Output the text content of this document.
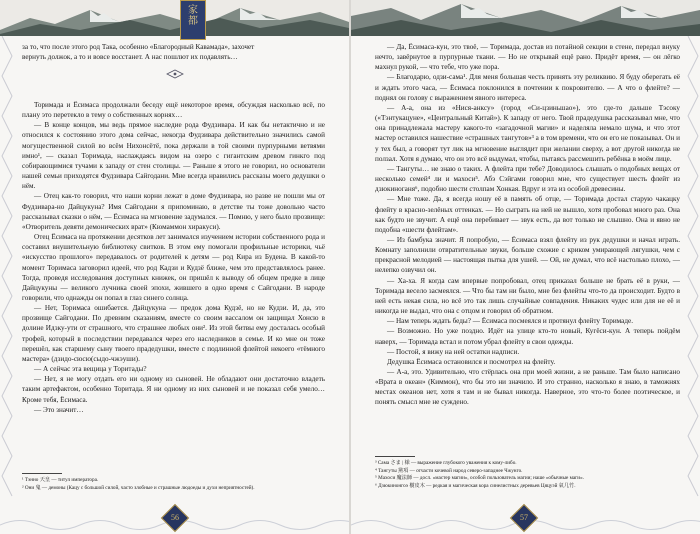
家
都

за то, что после этого род Така, особенно «Благородный Кавамада», захочет

вернуть должок, а то и вовсе восстанет. А нас пошлют их подавлять…

Торимада и Ёсимаса продолжали беседу ещё некоторое время, обсуждая насколько всё, по плану это перетекло в тему о собственных корнях…

— В конце концов, мы ведь прямое наследие рода Фудзивара. И как бы нетактично и не относился к состоянию этого дома сейчас, некогда Фудзивара действительно значились самой могущественной силой во всём Нихонсётё, пока держали в той своими пурпурными ветвями имно¹, — сказал Торимада, наслаждаясь видом на озеро с гигантским древом гинкго под собирающимися тучами к западу от стен столицы. — Раньше я этого не говорил, но основатели нашей семьи приходятся Фудзивара Сайгодани. Мне всегда нравились рассказы моего дедушки о нём.

— Отец как-то говорил, что наши корни лежат в доме Фудзивара, но разве не пошли мы от Фудзивара-но Дайцукуна? Имя Сайгодани я припоминаю, в детстве ты тоже довольно часто рассказывал сказки о нём, — Ёсимаса на мгновение задумался. — Помню, у него было прозвище: «Отворитель девяти демонических врат» (Кюмаммон хиракуси).

Отец Ёсимаса на протяжении десятков лет занимался изучением истории собственного рода и составил внушительную библиотеку свитков. В этом ему помогали профильные историки, чьё «искусство прошлого» передавалось от родителей к детям — род Кира из Будена. В какой-то момент Торимаса заговорил идеей, что род Кадзи и Кудзё ближе, чем это представлялось ранее. Тогда, проведя исследования доступных книжек, он пришёл к выводу об общем предке в лице Дайцукуны — великого лучника своей эпохи, жившего в одно время с Сайгодани. В народе говорили, что однажды он попал в глаз синего солнца.

— Нет, Торимаса ошибается. Дайцукуна — предок дома Кудзё, но не Кудзи. И, да, это прозвище Сайгодани. По древним сказаниям, вместе со своим вассалом он защищал Хонсю в долине Идзку-ути от страшного, что страшнее любых они². Из этой битвы ему досталась особый трофей, который в последствии передавался через его наследников в семье. И ко мне он тоже перешёл, как старшему сыну твоего прадедушки, вместе с подлинной флейтой некоего «тёмного мастера» (дзидо-сюсю(сыдо-чжэуши).

— А сейчас эта вещица у Торитады?

— Нет, я не могу отдать его ни одному из сыновей. Не обладают они достаточно владеть таким артефактом, особенно Торитада. Я ни одному из них сыновей и не показал себя умело… Кроме тебя, Ёсимаса.

— Это значит…

¹ Тэнно 天皇 — титул императора.
² Они 鬼 — демоны (Кацу с большой силой, часто злобные и страшные людоеды и духи неприятностей).
56

— Да, Ёсимаса-кун, это твоё, — Торимада, достав из потайной секции в стене, передал внуку нечто, завёрнутое в пурпурные ткани. — Но не открывай ещё рано. Придёт время, — он лёгко махнул рукой, — что тебе, что уже пора.

— Благодарю, одзи-сама¹. Для меня большая честь принять эту реликвию. Я буду оберегать её и ждать этого часа, — Ёсимаса поклонился в почтении к покровителю. — А что о флейте? — поднял он голову с выражением явного интереса.

— А-а, она из «Нися-анксу» (город «Си-цзиньшао»), это где-то дальше Тэсоку («Тэнтукацуне», «Центральный Китай»). К западу от него. Твой прадедушка рассказывал мне, что она принадлежала мастеру какого-то «загадочной магии» и наделяла немало шума, и что этот мастер оставился нашествие «страшных тангутов»³ а в том времени, что он его не показывал. Он и у тех был, а говорят тут лик на мгновение выглядит при желании сверху, а вот другой никогда не ползал. Хотя я думаю, что он это всё выдумал, чтобы, пытаясь рассмешить ребёнка в моём лице.

— Тангуты… не знаю о таких. А флейта при тебе? Доводилось слышать о подобных вещах от несколько семей⁴ ли и махоси⁵. Абэ Сэйгами говорил мне, что существует шесть флейт из дзюкиноганя⁶, подобно шести столпам Хонкая. Вдруг и эта из особой древесины.

— Мне тоже. Да, я всегда ношу её в память об отце, — Торимада достал старую чакацку флейту в красно-зелёных оттенках. — Но сыграть на ней не вышло, хотя пробовал много раз. Она как будто не звучит. А ещё она перебивает — звук есть, да вот только не слышно. Она и явно не подобна «шести флейтам».

— Из бамбука значит. Я попробую, — Ёсимаса взял флейту из рук дедушки и начал играть. Комнату заполнили отвратительные звуки, больше схожие с криком умирающей лягушки, чем с прекрасной мелодией — настоящая пытка для ушей. — Ой, не думал, что всё настолько плохо, — нелепко озвучил он.

— Ха-ха. Я когда сам впервые попробовал, отец приказал больше не брать её в руки, — Торимада весело засмеялся. — Что бы там ни было, мне без флейты что-то да происходит. Будто в ней есть некая сила, но всё это так лишь случайные совпадения. Никаких чудес или для не её и никогда не выдал, что она с отцом и говорил об обратном.

— Нам теперь ждать беды? — Ёсимаса посмеялся и протянул флейту Торимаде.

— Возможно. Но уже поздно. Идёт на улице кто-то новый, Кугёси-кун. А теперь пойдём наверх, — Торимада встал и потом убрал флейту в свои одежды.

— Постой, я вижу на ней остатки надписи.

Дедушка Ёсимаса остановился и посмотрел на флейту.

— А-а, это. Удивительно, что стёрлась она при моей жизни, а не раньше. Там было написано «Врата в океан» (Киммон), что бы это ни значило. И это странно, насколько я знаю, в таможнях местах океанов нет, хотя я там и не бывал никогда. Наверное, это что-то более поэтическое, и понять смысл мне не суждено.

³ Сама さま | 様 — выражение глубокого уважения к кому-либо.
⁴ Тангуты 黨項 — отчасти кочевой народ северо-западнее Чжунго.
⁵ Махоси 魔法師 — досл. «мастер магии», особой пользователь магии; наше «обычные маги».
⁶ Дзюкинонгоэ 樹皮木 — редкая и магическая кора синелистных деревьев Цяцуэй 氣几竹.
57
